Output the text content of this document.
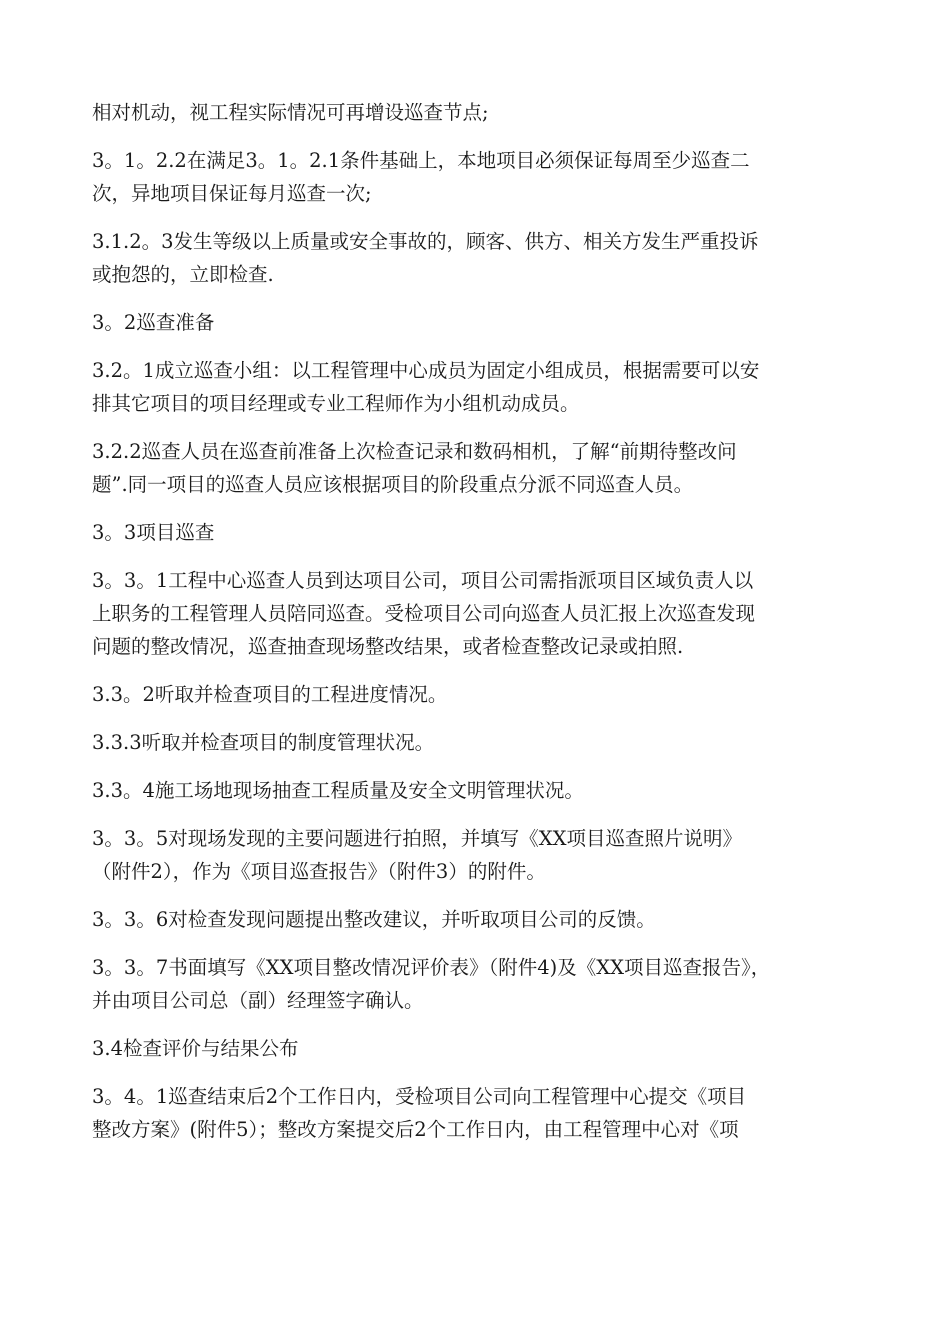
相对机动，视工程实际情况可再增设巡查节点;

3。1。2.2在满足3。1。2.1条件基础上，本地项目必须保证每周至少巡查二
次，异地项目保证每月巡查一次;

3.1.2。3发生等级以上质量或安全事故的，顾客、供方、相关方发生严重投诉
或抱怨的，立即检查.

3。2巡查准备

3.2。1成立巡查小组：以工程管理中心成员为固定小组成员，根据需要可以安
排其它项目的项目经理或专业工程师作为小组机动成员。

3.2.2巡查人员在巡查前准备上次检查记录和数码相机，了解“前期待整改问
题”.同一项目的巡查人员应该根据项目的阶段重点分派不同巡查人员。

3。3项目巡查

3。3。1工程中心巡查人员到达项目公司，项目公司需指派项目区域负责人以
上职务的工程管理人员陪同巡查。受检项目公司向巡查人员汇报上次巡查发现
问题的整改情况，巡查抽查现场整改结果，或者检查整改记录或拍照.

3.3。2听取并检查项目的工程进度情况。

3.3.3听取并检查项目的制度管理状况。

3.3。4施工场地现场抽查工程质量及安全文明管理状况。

3。3。5对现场发现的主要问题进行拍照，并填写《XX项目巡查照片说明》
（附件2），作为《项目巡查报告》（附件3）的附件。

3。3。6对检查发现问题提出整改建议，并听取项目公司的反馈。

3。3。7书面填写《XX项目整改情况评价表》（附件4)及《XX项目巡查报告》，
并由项目公司总（副）经理签字确认。

3.4检查评价与结果公布

3。4。1巡查结束后2个工作日内，受检项目公司向工程管理中心提交《项目
整改方案》(附件5）；整改方案提交后2个工作日内，由工程管理中心对《项
